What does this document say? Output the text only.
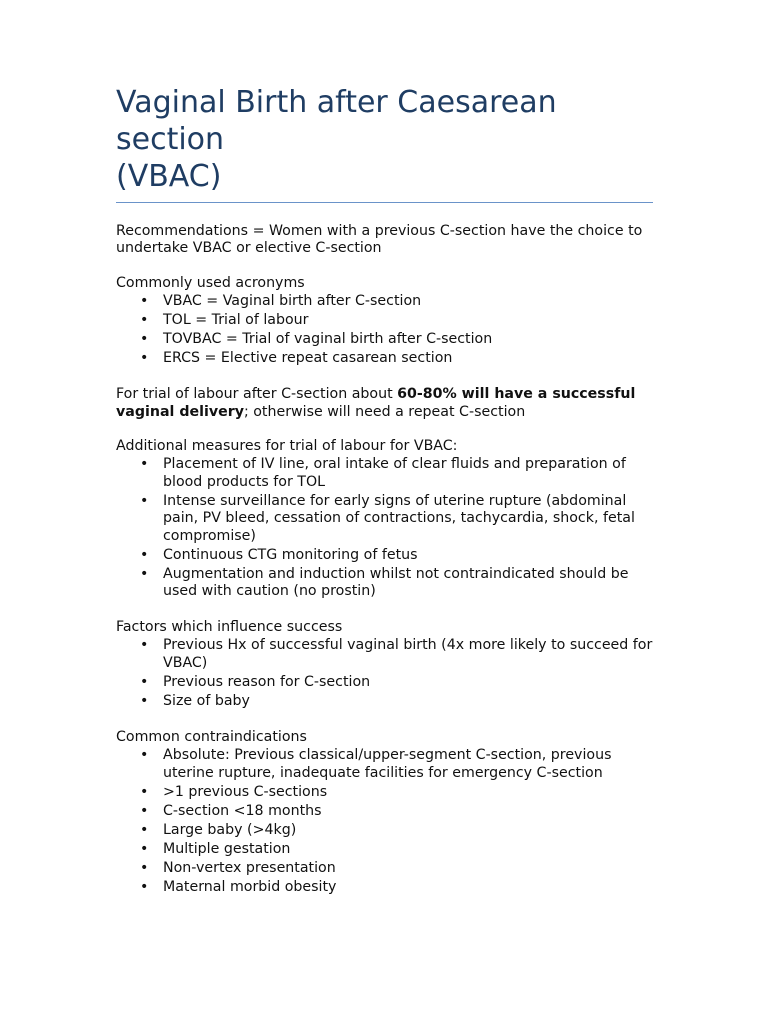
Vaginal Birth after Caesarean
section
(VBAC)

Recommendations = Women with a previous C-section have the choice to undertake VBAC or elective C-section

Commonly used acronyms

• VBAC = Vaginal birth after C-section
• TOL = Trial of labour
• TOVBAC = Trial of vaginal birth after C-section
• ERCS = Elective repeat casarean section

For trial of labour after C-section about 60-80% will have a successful vaginal delivery; otherwise will need a repeat C-section

Additional measures for trial of labour for VBAC:

• Placement of IV line, oral intake of clear fluids and preparation of blood products for TOL
• Intense surveillance for early signs of uterine rupture (abdominal pain, PV bleed, cessation of contractions, tachycardia, shock, fetal compromise)
• Continuous CTG monitoring of fetus
• Augmentation and induction whilst not contraindicated should be used with caution (no prostin)

Factors which influence success

• Previous Hx of successful vaginal birth (4x more likely to succeed for VBAC)
• Previous reason for C-section
• Size of baby

Common contraindications

• Absolute: Previous classical/upper-segment C-section, previous uterine rupture, inadequate facilities for emergency C-section
• >1 previous C-sections
• C-section <18 months
• Large baby (>4kg)
• Multiple gestation
• Non-vertex presentation
• Maternal morbid obesity
